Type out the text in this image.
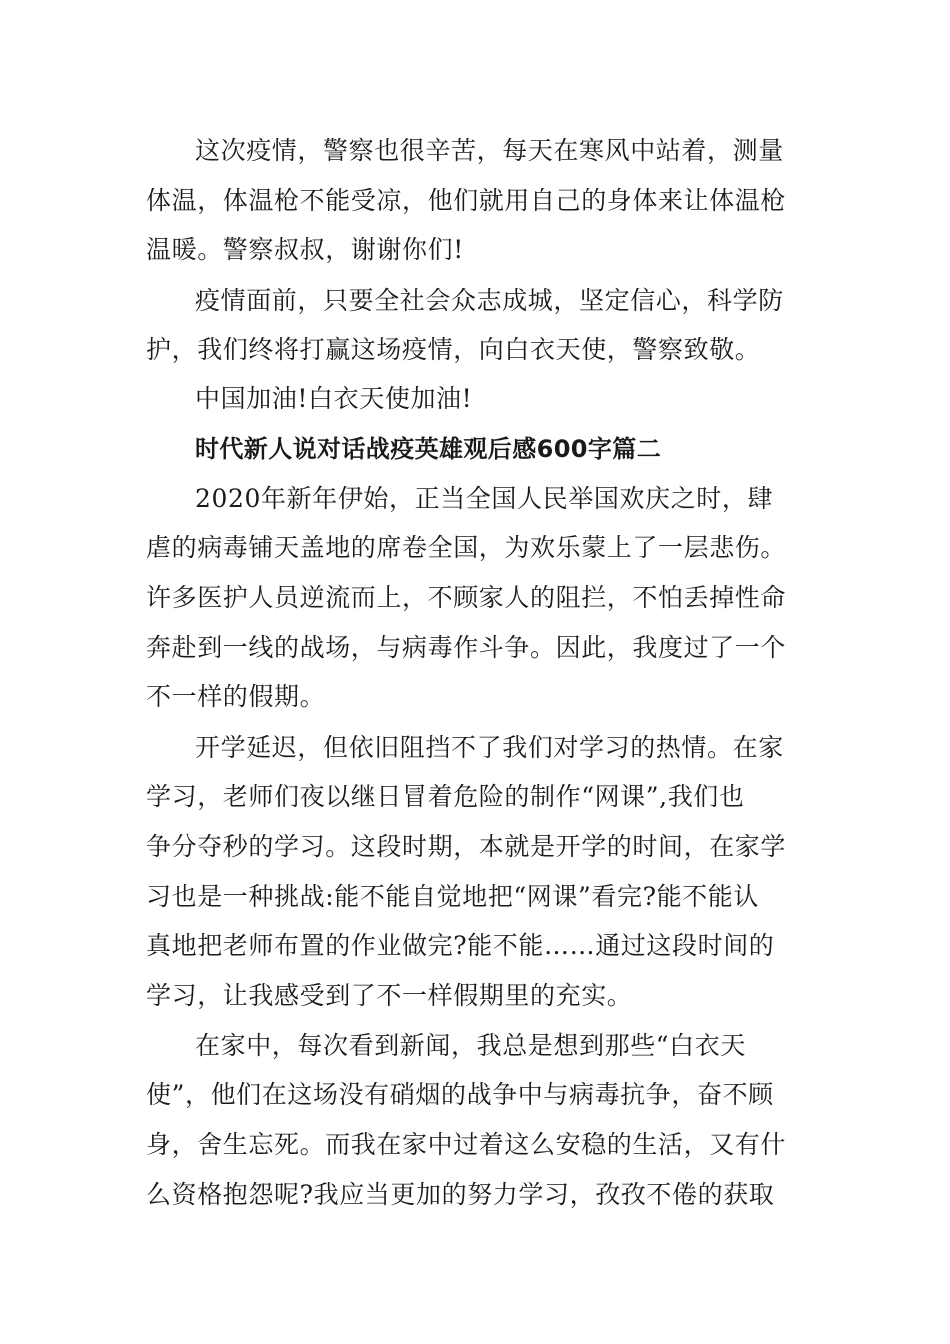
这次疫情，警察也很辛苦，每天在寒风中站着，测量
体温，体温枪不能受凉，他们就用自己的身体来让体温枪
温暖。警察叔叔，谢谢你们!
疫情面前，只要全社会众志成城，坚定信心，科学防
护，我们终将打赢这场疫情，向白衣天使，警察致敬。
中国加油!白衣天使加油!
时代新人说对话战疫英雄观后感600字篇二
2020年新年伊始，正当全国人民举国欢庆之时，肆
虐的病毒铺天盖地的席卷全国，为欢乐蒙上了一层悲伤。
许多医护人员逆流而上，不顾家人的阻拦，不怕丢掉性命
奔赴到一线的战场，与病毒作斗争。因此，我度过了一个
不一样的假期。
开学延迟，但依旧阻挡不了我们对学习的热情。在家
学习，老师们夜以继日冒着危险的制作“网课”,我们也
争分夺秒的学习。这段时期，本就是开学的时间，在家学
习也是一种挑战:能不能自觉地把“网课”看完?能不能认
真地把老师布置的作业做完?能不能……通过这段时间的
学习，让我感受到了不一样假期里的充实。
在家中，每次看到新闻，我总是想到那些“白衣天
使”，他们在这场没有硝烟的战争中与病毒抗争，奋不顾
身，舍生忘死。而我在家中过着这么安稳的生活，又有什
么资格抱怨呢?我应当更加的努力学习，孜孜不倦的获取
